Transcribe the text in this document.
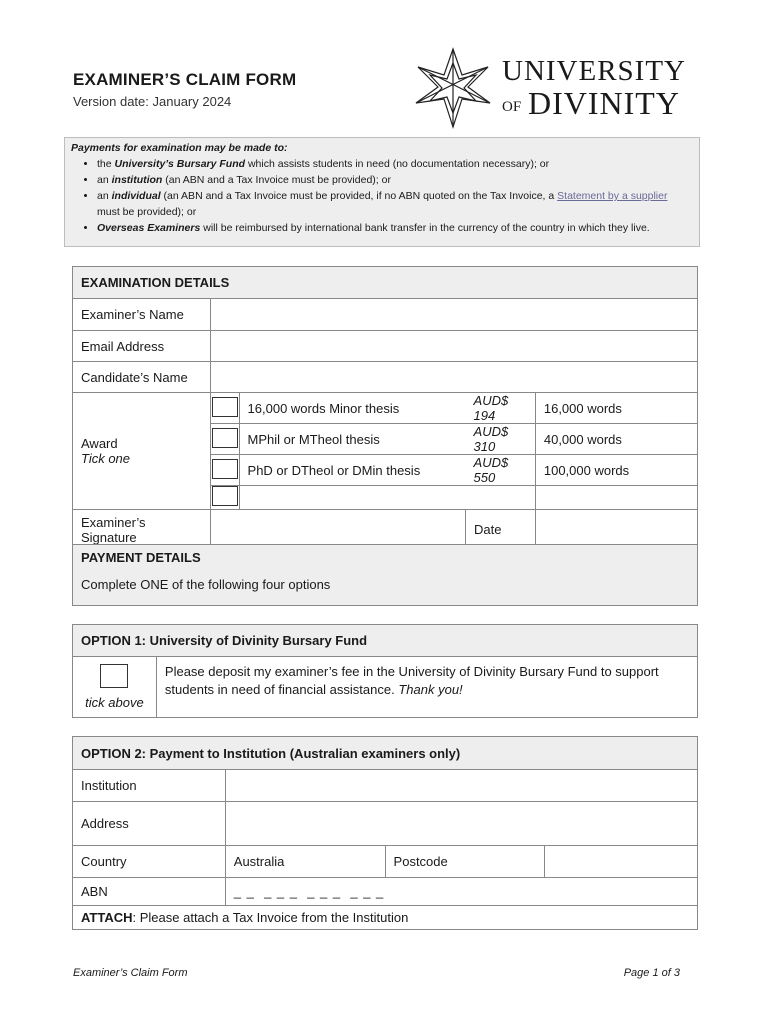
EXAMINER’S CLAIM FORM
Version date: January 2024
UNIVERSITY
OF DIVINITY
Payments for examination may be made to:
• the University’s Bursary Fund which assists students in need (no documentation necessary); or
• an institution (an ABN and a Tax Invoice must be provided); or
• an individual (an ABN and a Tax Invoice must be provided, if no ABN quoted on the Tax Invoice, a Statement by a supplier must be provided); or
• Overseas Examiners will be reimbursed by international bank transfer in the currency of the country in which they live.
EXAMINATION DETAILS				
Examiner’s Name				
Email Address				
Candidate’s Name				

Award
Tick one		16,000 words Minor thesis	AUD$ 194	16,000 words
		MPhil or MTheol thesis	AUD$ 310	40,000 words
		PhD or DTheol or DMin thesis	AUD$ 550	100,000 words

Examiner’s
Signature			Date	
PAYMENT DETAILS
Complete ONE of the following four options
OPTION 1: University of Divinity Bursary Fund

tick above
	Please deposit my examiner’s fee in the University of Divinity Bursary Fund to support students in need of financial assistance. Thank you!
OPTION 2: Payment to Institution (Australian examiners only)			
Institution			
Address			
Country	Australia	Postcode	
ABN	_ _  _ _ _  _ _ _  _ _ _		
ATTACH: Please attach a Tax Invoice from the Institution			
Examiner’s Claim Form	Page 1 of 3
